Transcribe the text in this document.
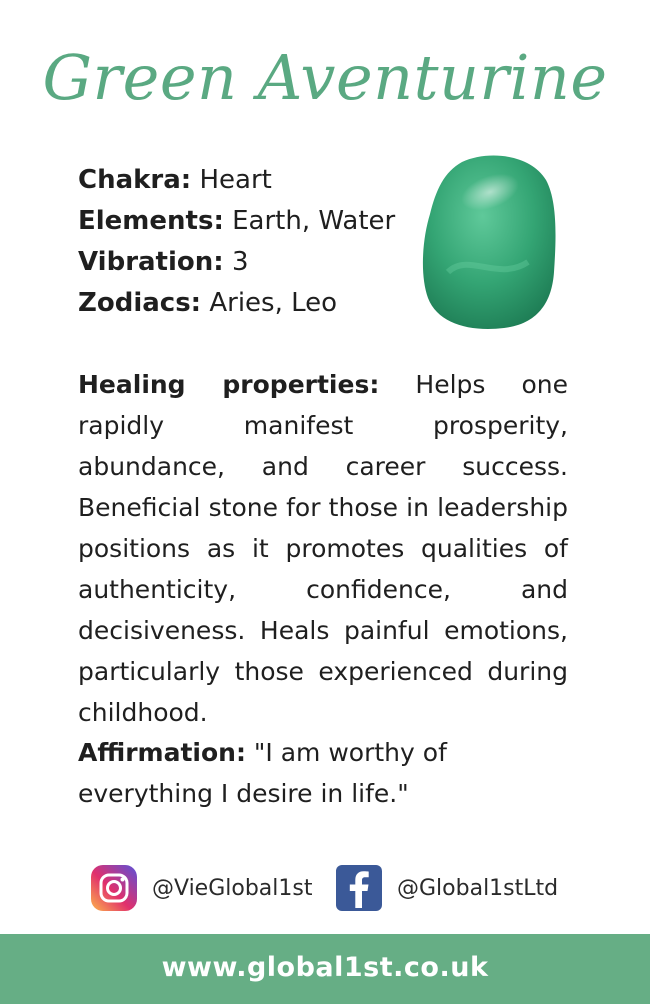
Green Aventurine
Chakra: Heart
Elements: Earth, Water
Vibration: 3
Zodiacs: Aries, Leo
Healing properties: Helps one rapidly manifest prosperity, abundance, and career success. Beneficial stone for those in leadership positions as it promotes qualities of authenticity, confidence, and decisiveness. Heals painful emotions, particularly those experienced during childhood.
Affirmation: "I am worthy of everything I desire in life."
@VieGlobal1st	@Global1stLtd
www.global1st.co.uk
